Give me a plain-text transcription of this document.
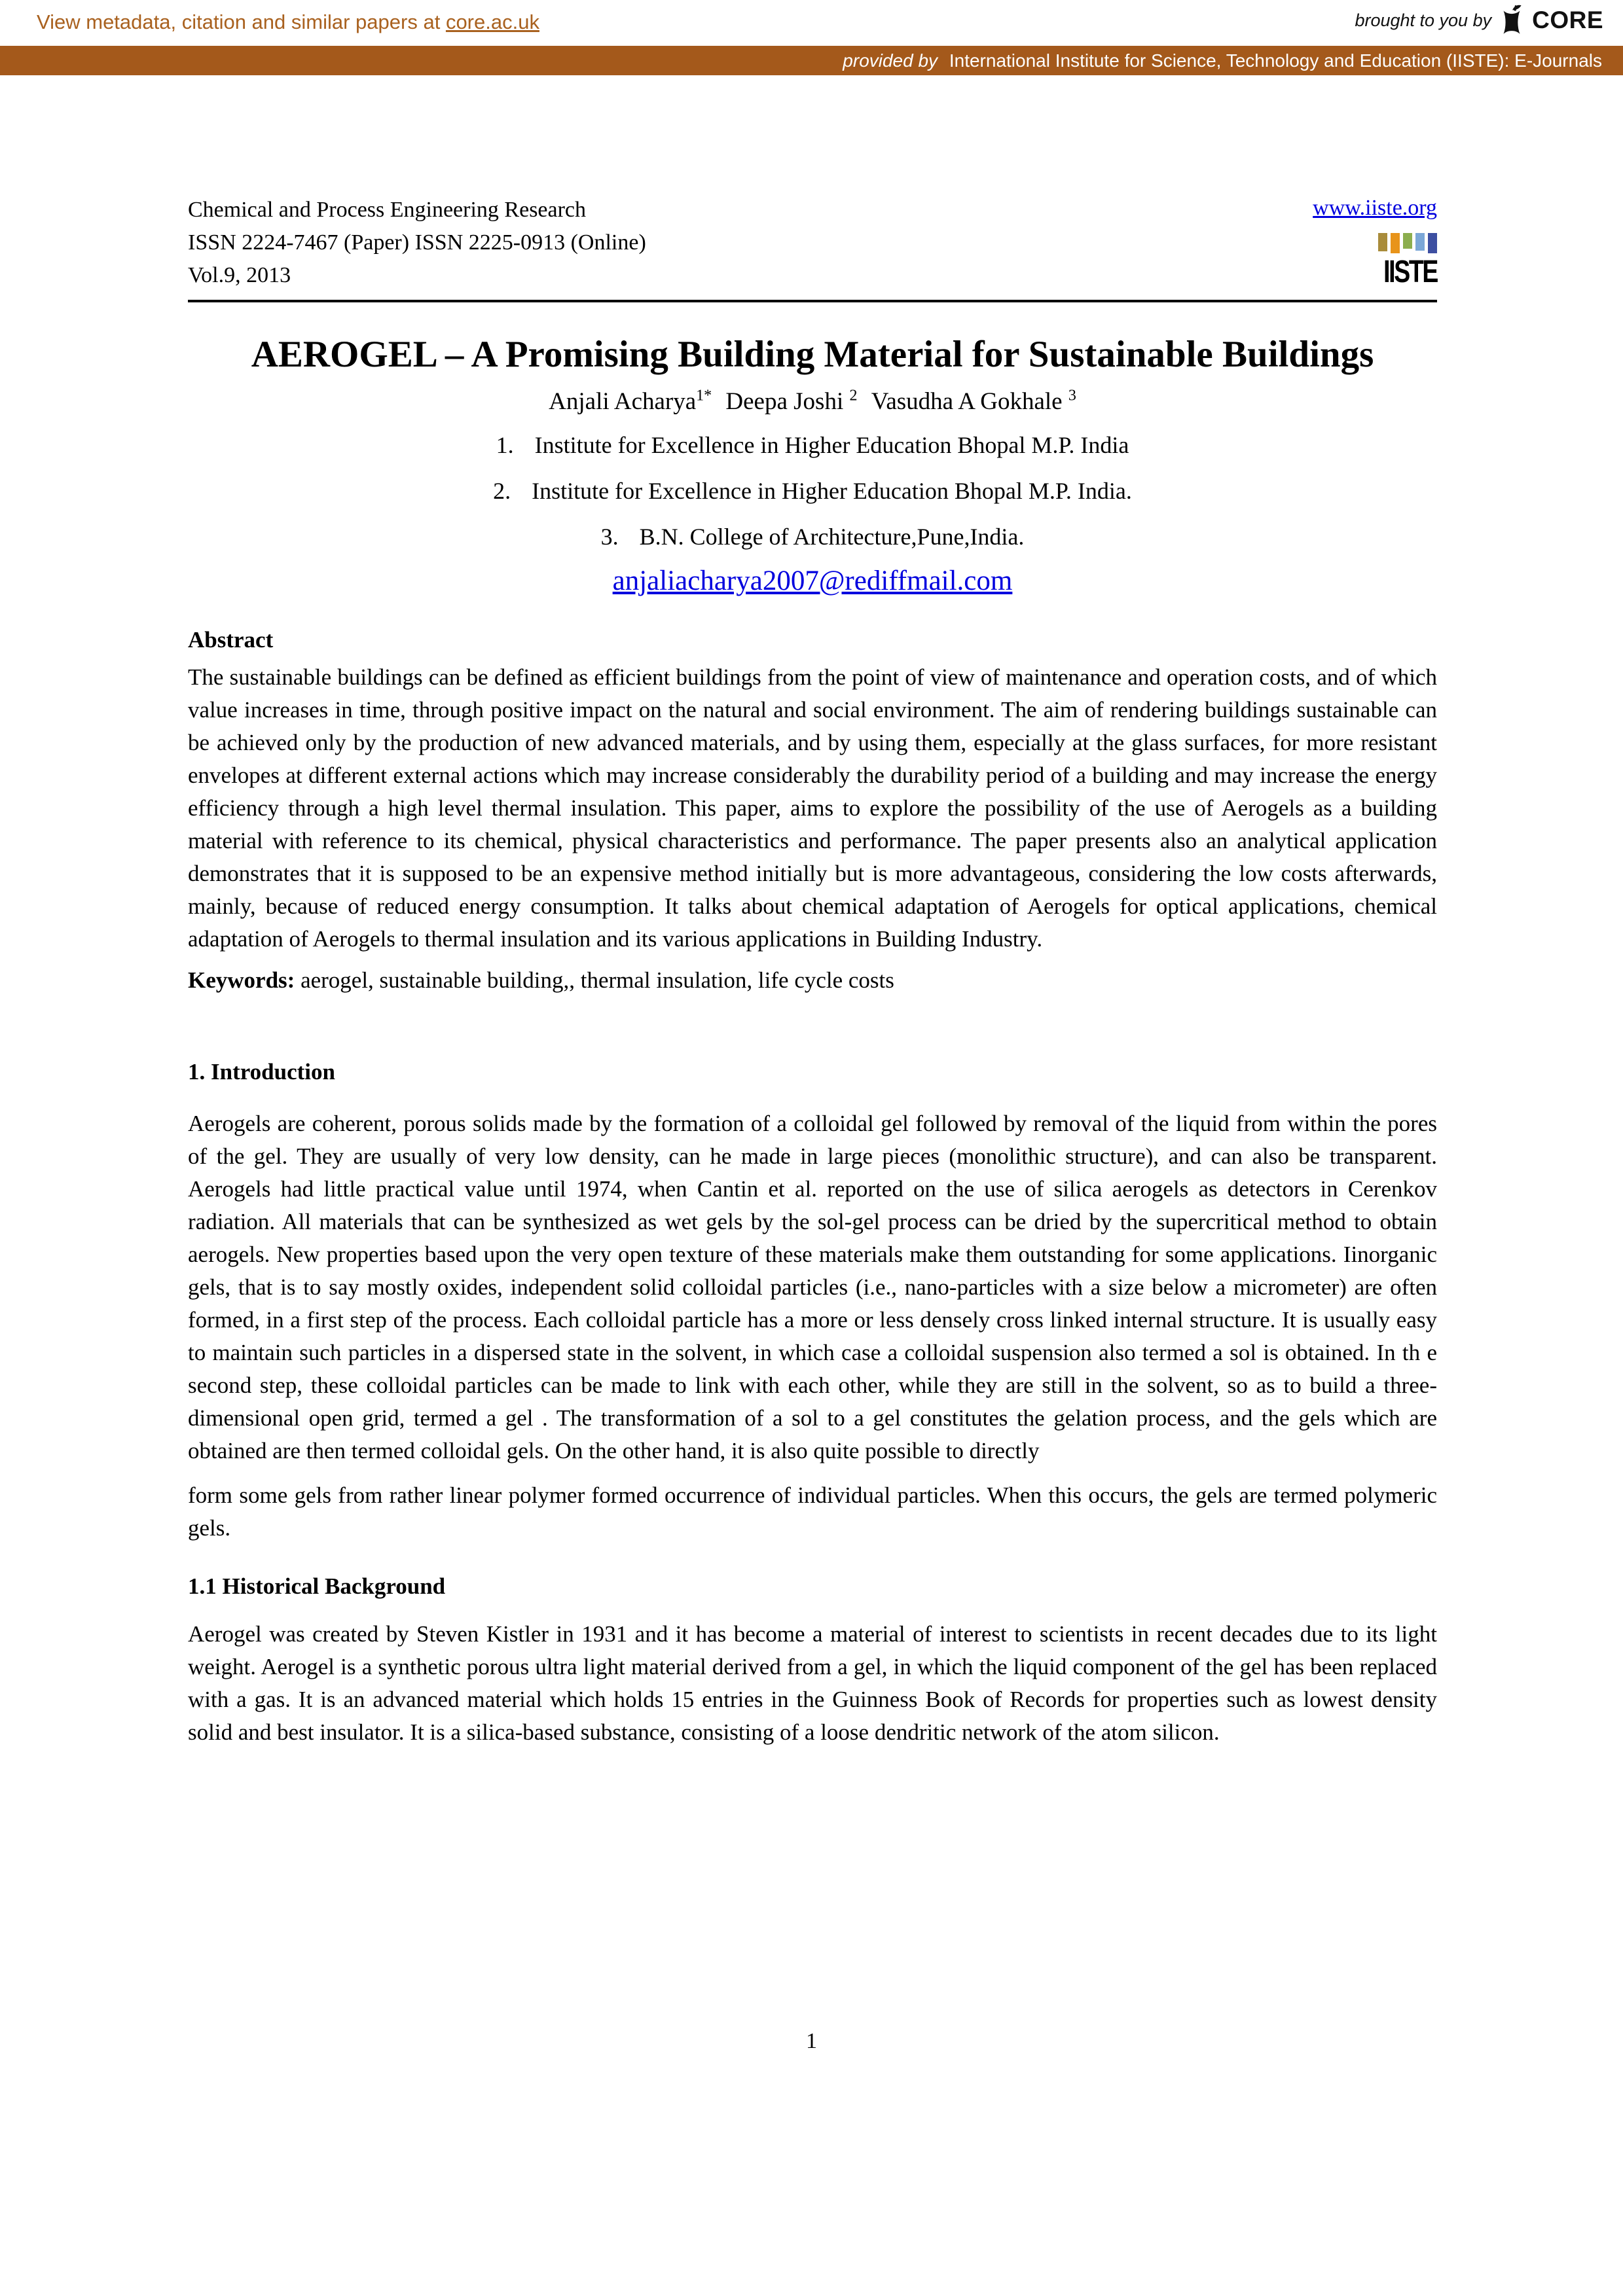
View metadata, citation and similar papers at core.ac.uk	brought to you by CORE
provided by International Institute for Science, Technology and Education (IISTE): E-Journals
Chemical and Process Engineering Research
ISSN 2224-7467 (Paper) ISSN 2225-0913 (Online)
Vol.9, 2013
www.iiste.org
IISTE
AEROGEL – A Promising Building Material for Sustainable Buildings
Anjali Acharya$^{1*}$ Deepa Joshi $^2$ Vasudha A Gokhale $^3$
1. Institute for Excellence in Higher Education Bhopal M.P. India
2. Institute for Excellence in Higher Education Bhopal M.P. India.
3. B.N. College of Architecture,Pune,India.
anjaliacharya2007@rediffmail.com
Abstract
The sustainable buildings can be defined as efficient buildings from the point of view of maintenance and operation costs, and of which value increases in time, through positive impact on the natural and social environment. The aim of rendering buildings sustainable can be achieved only by the production of new advanced materials, and by using them, especially at the glass surfaces, for more resistant envelopes at different external actions which may increase considerably the durability period of a building and may increase the energy efficiency through a high level thermal insulation. This paper, aims to explore the possibility of the use of Aerogels as a building material with reference to its chemical, physical characteristics and performance. The paper presents also an analytical application demonstrates that it is supposed to be an expensive method initially but is more advantageous, considering the low costs afterwards, mainly, because of reduced energy consumption. It talks about chemical adaptation of Aerogels for optical applications, chemical adaptation of Aerogels to thermal insulation and its various applications in Building Industry.
Keywords: aerogel, sustainable building,, thermal insulation, life cycle costs
1. Introduction
Aerogels are coherent, porous solids made by the formation of a colloidal gel followed by removal of the liquid from within the pores of the gel. They are usually of very low density, can he made in large pieces (monolithic structure), and can also be transparent. Aerogels had little practical value until 1974, when Cantin et al. reported on the use of silica aerogels as detectors in Cerenkov radiation. All materials that can be synthesized as wet gels by the sol-gel process can be dried by the supercritical method to obtain aerogels. New properties based upon the very open texture of these materials make them outstanding for some applications. Iinorganic gels, that is to say mostly oxides, independent solid colloidal particles (i.e., nano-particles with a size below a micrometer) are often formed, in a first step of the process. Each colloidal particle has a more or less densely cross linked internal structure. It is usually easy to maintain such particles in a dispersed state in the solvent, in which case a colloidal suspension also termed a sol is obtained. In th e second step, these colloidal particles can be made to link with each other, while they are still in the solvent, so as to build a three-dimensional open grid, termed a gel . The transformation of a sol to a gel constitutes the gelation process, and the gels which are obtained are then termed colloidal gels. On the other hand, it is also quite possible to directly
form some gels from rather linear polymer formed occurrence of individual particles. When this occurs, the gels are termed polymeric gels.
1.1 Historical Background
Aerogel was created by Steven Kistler in 1931 and it has become a material of interest to scientists in recent decades due to its light weight. Aerogel is a synthetic porous ultra light material derived from a gel, in which the liquid component of the gel has been replaced with a gas. It is an advanced material which holds 15 entries in the Guinness Book of Records for properties such as lowest density solid and best insulator. It is a silica-based substance, consisting of a loose dendritic network of the atom silicon.
1
